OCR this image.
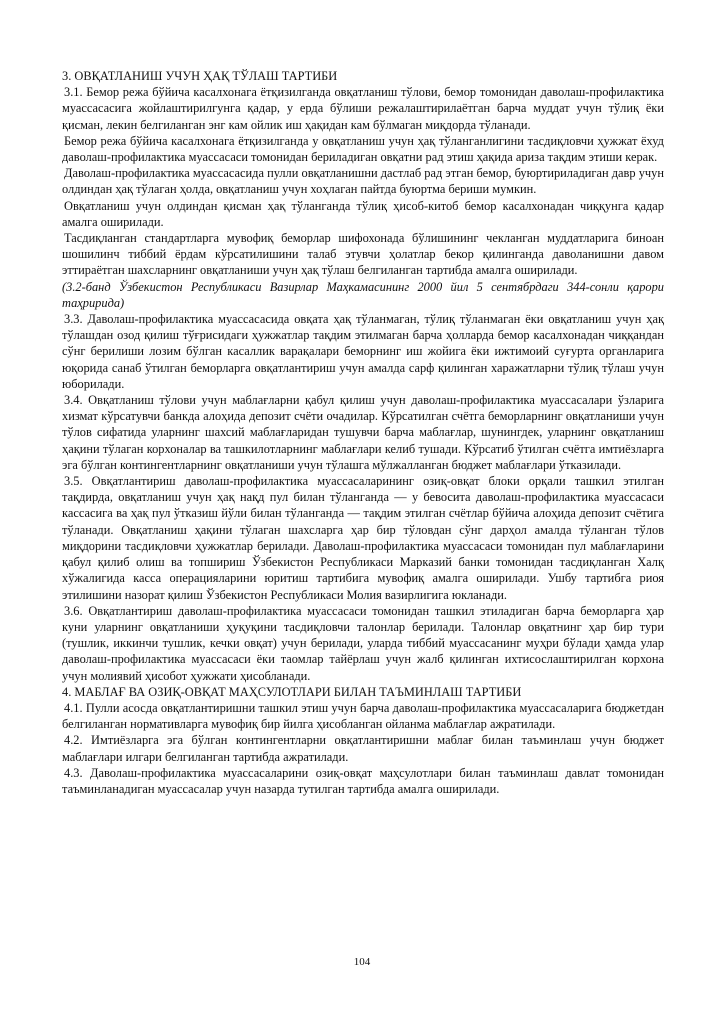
3. ОВҚАТЛАНИШ УЧУН ҲАҚ ТЎЛАШ ТАРТИБИ

3.1. Бемор режа бўйича касалхонага ётқизилганда овқатланиш тўлови, бемор томонидан даволаш-профилактика муассасасига жойлаштирилгунга қадар, у ерда бўлиши режалаштирилаётган барча муддат учун тўлиқ ёки қисман, лекин белгиланган энг кам ойлик иш ҳақидан кам бўлмаган миқдорда тўланади.

Бемор режа бўйича касалхонага ётқизилганда у овқатланиш учун ҳақ тўланганлигини тасдиқловчи ҳужжат ёхуд даволаш-профилактика муассасаси томонидан бериладиган овқатни рад этиш ҳақида ариза тақдим этиши керак.

Даволаш-профилактика муассасасида пулли овқатланишни дастлаб рад этган бемор, буюртириладиган давр учун олдиндан ҳақ тўлаган ҳолда, овқатланиш учун хоҳлаган пайтда буюртма бериши мумкин.

Овқатланиш учун олдиндан қисман ҳақ тўланганда тўлиқ ҳисоб-китоб бемор касалхонадан чиққунга қадар амалга оширилади.

Тасдиқланган стандартларга мувофиқ беморлар шифохонада бўлишининг чекланган муддатларига биноан шошилинч тиббий ёрдам кўрсатилишини талаб этувчи ҳолатлар бекор қилинганда даволанишни давом эттираётган шахсларнинг овқатланиши учун ҳақ тўлаш белгиланган тартибда амалга оширилади.

(3.2-банд Ўзбекистон Республикаси Вазирлар Маҳкамасининг 2000 йил 5 сентябрдаги 344-сонли қарори таҳририда)

3.3. Даволаш-профилактика муассасасида овқата ҳақ тўланмаган, тўлиқ тўланмаган ёки овқатланиш учун ҳақ тўлашдан озод қилиш тўғрисидаги ҳужжатлар тақдим этилмаган барча ҳолларда бемор касалхонадан чиққандан сўнг берилиши лозим бўлган касаллик варақалари беморнинг иш жойига ёки ижтимоий суғурта органларига юқорида санаб ўтилган беморларга овқатлантириш учун амалда сарф қилинган харажатларни тўлиқ тўлаш учун юборилади.

3.4. Овқатланиш тўлови учун маблағларни қабул қилиш учун даволаш-профилактика муассасалари ўзларига хизмат кўрсатувчи банкда алоҳида депозит счёти очадилар. Кўрсатилган счётга беморларнинг овқатланиши учун тўлов сифатида уларнинг шахсий маблағларидан тушувчи барча маблағлар, шунингдек, уларнинг овқатланиш ҳақини тўлаган корхоналар ва ташкилотларнинг маблағлари келиб тушади. Кўрсатиб ўтилган счётга имтиёзларга эга бўлган контингентларнинг овқатланиши учун тўлашга мўлжалланган бюджет маблағлари ўтказилади.

3.5. Овқатлантириш даволаш-профилактика муассасаларининг озиқ-овқат блоки орқали ташкил этилган тақдирда, овқатланиш учун ҳақ нақд пул билан тўланганда — у бевосита даволаш-профилактика муассасаси кассасига ва ҳақ пул ўтказиш йўли билан тўланганда — тақдим этилган счётлар бўйича алоҳида депозит счётига тўланади. Овқатланиш ҳақини тўлаган шахсларга ҳар бир тўловдан сўнг дарҳол амалда тўланган тўлов миқдорини тасдиқловчи ҳужжатлар берилади. Даволаш-профилактика муассасаси томонидан пул маблағларини қабул қилиб олиш ва топшириш Ўзбекистон Республикаси Марказий банки томонидан тасдиқланган Халқ хўжалигида касса операцияларини юритиш тартибига мувофиқ амалга оширилади. Ушбу тартибга риоя этилишини назорат қилиш Ўзбекистон Республикаси Молия вазирлигига юкланади.

3.6. Овқатлантириш даволаш-профилактика муассасаси томонидан ташкил этиладиган барча беморларга ҳар куни уларнинг овқатланиши ҳуқуқини тасдиқловчи талонлар берилади. Талонлар овқатнинг ҳар бир тури (тушлик, иккинчи тушлик, кечки овқат) учун берилади, уларда тиббий муассасанинг муҳри бўлади ҳамда улар даволаш-профилактика муассасаси ёки таомлар тайёрлаш учун жалб қилинган ихтисослаштирилган корхона учун молиявий ҳисобот ҳужжати ҳисобланади.

4. МАБЛАҒ ВА ОЗИҚ-ОВҚАТ МАҲСУЛОТЛАРИ БИЛАН ТАЪМИНЛАШ ТАРТИБИ

4.1. Пулли асосда овқатлантиришни ташкил этиш учун барча даволаш-профилактика муассасаларига бюджетдан белгиланган нормативларга мувофиқ бир йилга ҳисобланган ойланма маблағлар ажратилади.

4.2. Имтиёзларга эга бўлган контингентларни овқатлантиришни маблағ билан таъминлаш учун бюджет маблағлари илгари белгиланган тартибда ажратилади.

4.3. Даволаш-профилактика муассасаларини озиқ-овқат маҳсулотлари билан таъминлаш давлат томонидан таъминланадиган муассасалар учун назарда тутилган тартибда амалга оширилади.

104
